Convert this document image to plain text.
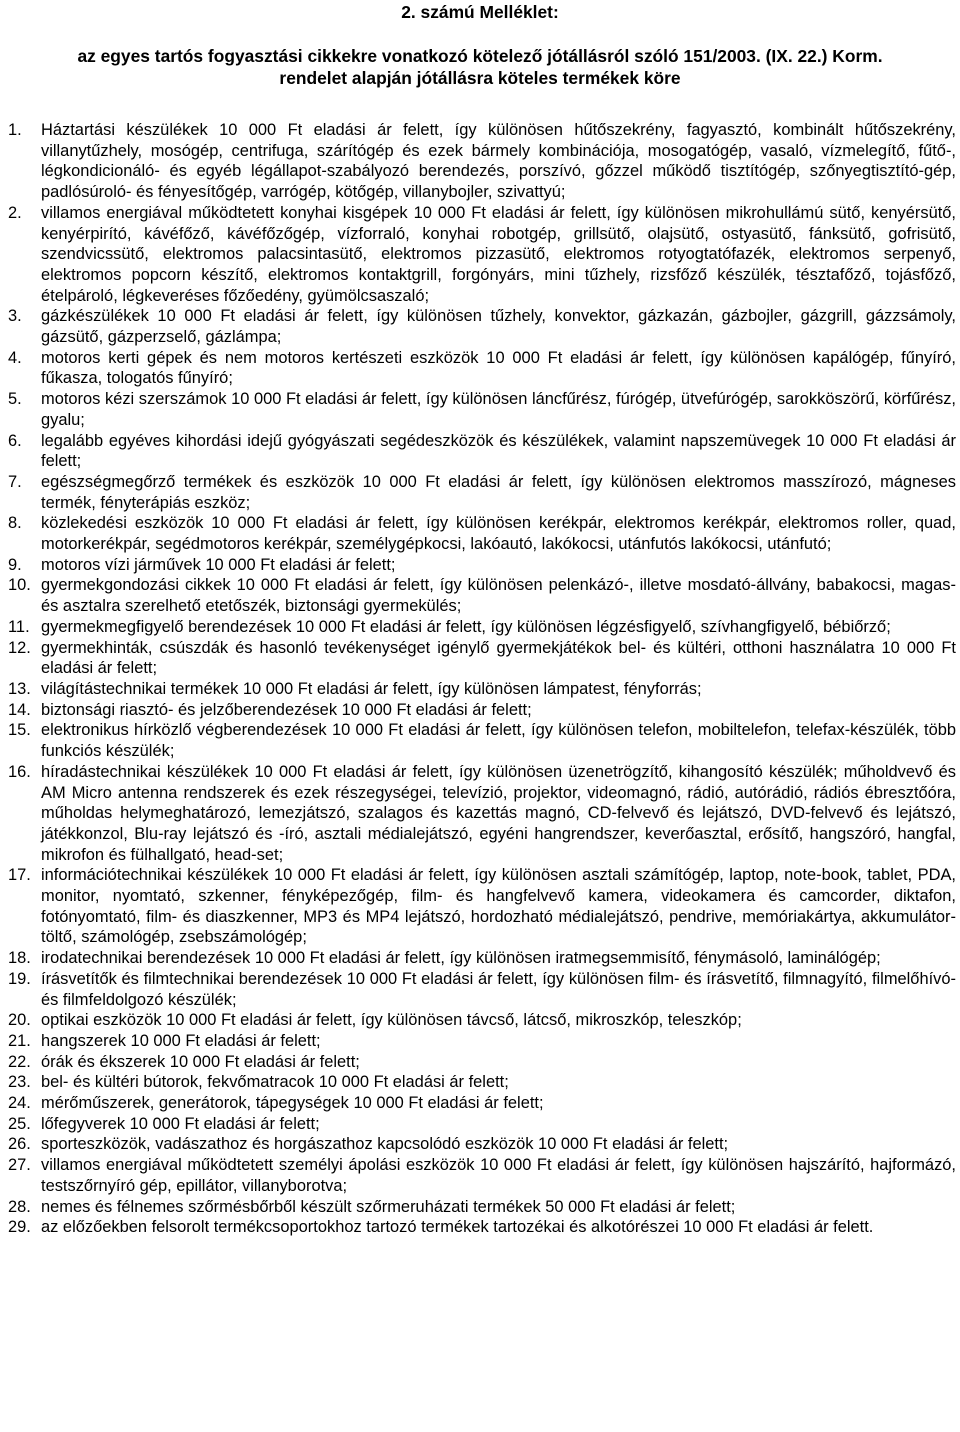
2. számú Melléklet:
az egyes tartós fogyasztási cikkekre vonatkozó kötelező jótállásról szóló 151/2003. (IX. 22.) Korm.
rendelet alapján jótállásra köteles termékek köre
1.	Háztartási készülékek 10 000 Ft eladási ár felett, így különösen hűtőszekrény, fagyasztó, kombinált hűtőszekrény, villanytűzhely, mosógép, centrifuga, szárítógép és ezek bármely kombinációja, mosogatógép, vasaló, vízmelegítő, fűtő-, légkondicionáló- és egyéb légállapot-szabályozó berendezés, porszívó, gőzzel működő tisztítógép, szőnyegtisztító-gép, padlósúroló- és fényesítőgép, varrógép, kötőgép, villanybojler, szivattyú;
2.	villamos energiával működtetett konyhai kisgépek 10 000 Ft eladási ár felett, így különösen mikrohullámú sütő, kenyérsütő, kenyérpirító, kávéfőző, kávéfőzőgép, vízforraló, konyhai robotgép, grillsütő, olajsütő, ostyasütő, fánksütő, gofrisütő, szendvicssütő, elektromos palacsintasütő, elektromos pizzasütő, elektromos rotyogtatófazék, elektromos serpenyő, elektromos popcorn készítő, elektromos kontaktgrill, forgónyárs, mini tűzhely, rizsfőző készülék, tésztafőző, tojásfőző, ételpároló, légkeveréses főzőedény, gyümölcsaszaló;
3.	gázkészülékek 10 000 Ft eladási ár felett, így különösen tűzhely, konvektor, gázkazán, gázbojler, gázgrill, gázzsámoly, gázsütő, gázperzselő, gázlámpa;
4.	motoros kerti gépek és nem motoros kertészeti eszközök 10 000 Ft eladási ár felett, így különösen kapálógép, fűnyíró, fűkasza, tologatós fűnyíró;
5.	motoros kézi szerszámok 10 000 Ft eladási ár felett, így különösen láncfűrész, fúrógép, ütvefúrógép, sarokköszörű, körfűrész, gyalu;
6.	legalább egyéves kihordási idejű gyógyászati segédeszközök és készülékek, valamint napszemüvegek 10 000 Ft eladási ár felett;
7.	egészségmegőrző termékek és eszközök 10 000 Ft eladási ár felett, így különösen elektromos masszírozó, mágneses termék, fényterápiás eszköz;
8.	közlekedési eszközök 10 000 Ft eladási ár felett, így különösen kerékpár, elektromos kerékpár, elektromos roller, quad, motorkerékpár, segédmotoros kerékpár, személygépkocsi, lakóautó, lakókocsi, utánfutós lakókocsi, utánfutó;
9.	motoros vízi járművek 10 000 Ft eladási ár felett;
10. gyermekgondozási cikkek 10 000 Ft eladási ár felett, így különösen pelenkázó-, illetve mosdató-állvány, babakocsi, magas- és asztalra szerelhető etetőszék, biztonsági gyermekülés;
11. gyermekmegfigyelő berendezések 10 000 Ft eladási ár felett, így különösen légzésfigyelő, szívhangfigyelő, bébiőrző;
12. gyermekhinták, csúszdák és hasonló tevékenységet igénylő gyermekjátékok bel- és kültéri, otthoni használatra 10 000 Ft eladási ár felett;
13. világítástechnikai termékek 10 000 Ft eladási ár felett, így különösen lámpatest, fényforrás;
14. biztonsági riasztó- és jelzőberendezések 10 000 Ft eladási ár felett;
15. elektronikus hírközlő végberendezések 10 000 Ft eladási ár felett, így különösen telefon, mobiltelefon, telefax-készülék, több funkciós készülék;
16. híradástechnikai készülékek 10 000 Ft eladási ár felett, így különösen üzenetrögzítő, kihangosító készülék; műholdvevő és AM Micro antenna rendszerek és ezek részegységei, televízió, projektor, videomagnó, rádió, autórádió, rádiós ébresztőóra, műholdas helymeghatározó, lemezjátszó, szalagos és kazettás magnó, CD-felvevő és lejátszó, DVD-felvevő és lejátszó, játékkonzol, Blu-ray lejátszó és -író, asztali médialejátszó, egyéni hangrendszer, keverőasztal, erősítő, hangszóró, hangfal, mikrofon és fülhallgató, head-set;
17. információtechnikai készülékek 10 000 Ft eladási ár felett, így különösen asztali számítógép, laptop, note-book, tablet, PDA, monitor, nyomtató, szkenner, fényképezőgép, film- és hangfelvevő kamera, videokamera és camcorder, diktafon, fotónyomtató, film- és diaszkenner, MP3 és MP4 lejátszó, hordozható médialejátszó, pendrive, memóriakártya, akkumulátor-töltő, számológép, zsebszámológép;
18. irodatechnikai berendezések 10 000 Ft eladási ár felett, így különösen iratmegsemmisítő, fénymásoló, laminálógép;
19. írásvetítők és filmtechnikai berendezések 10 000 Ft eladási ár felett, így különösen film- és írásvetítő, filmnagyító, filmelőhívó- és filmfeldolgozó készülék;
20. optikai eszközök 10 000 Ft eladási ár felett, így különösen távcső, látcső, mikroszkóp, teleszkóp;
21. hangszerek 10 000 Ft eladási ár felett;
22. órák és ékszerek 10 000 Ft eladási ár felett;
23. bel- és kültéri bútorok, fekvőmatracok 10 000 Ft eladási ár felett;
24. mérőműszerek, generátorok, tápegységek 10 000 Ft eladási ár felett;
25. lőfegyverek 10 000 Ft eladási ár felett;
26. sporteszközök, vadászathoz és horgászathoz kapcsolódó eszközök 10 000 Ft eladási ár felett;
27. villamos energiával működtetett személyi ápolási eszközök 10 000 Ft eladási ár felett, így különösen hajszárító, hajformázó, testszőrnyíró gép, epillátor, villanyborotva;
28. nemes és félnemes szőrmésbőrből készült szőrmeruházati termékek 50 000 Ft eladási ár felett;
29. az előzőekben felsorolt termékcsoportokhoz tartozó termékek tartozékai és alkotórészei 10 000 Ft eladási ár felett.
